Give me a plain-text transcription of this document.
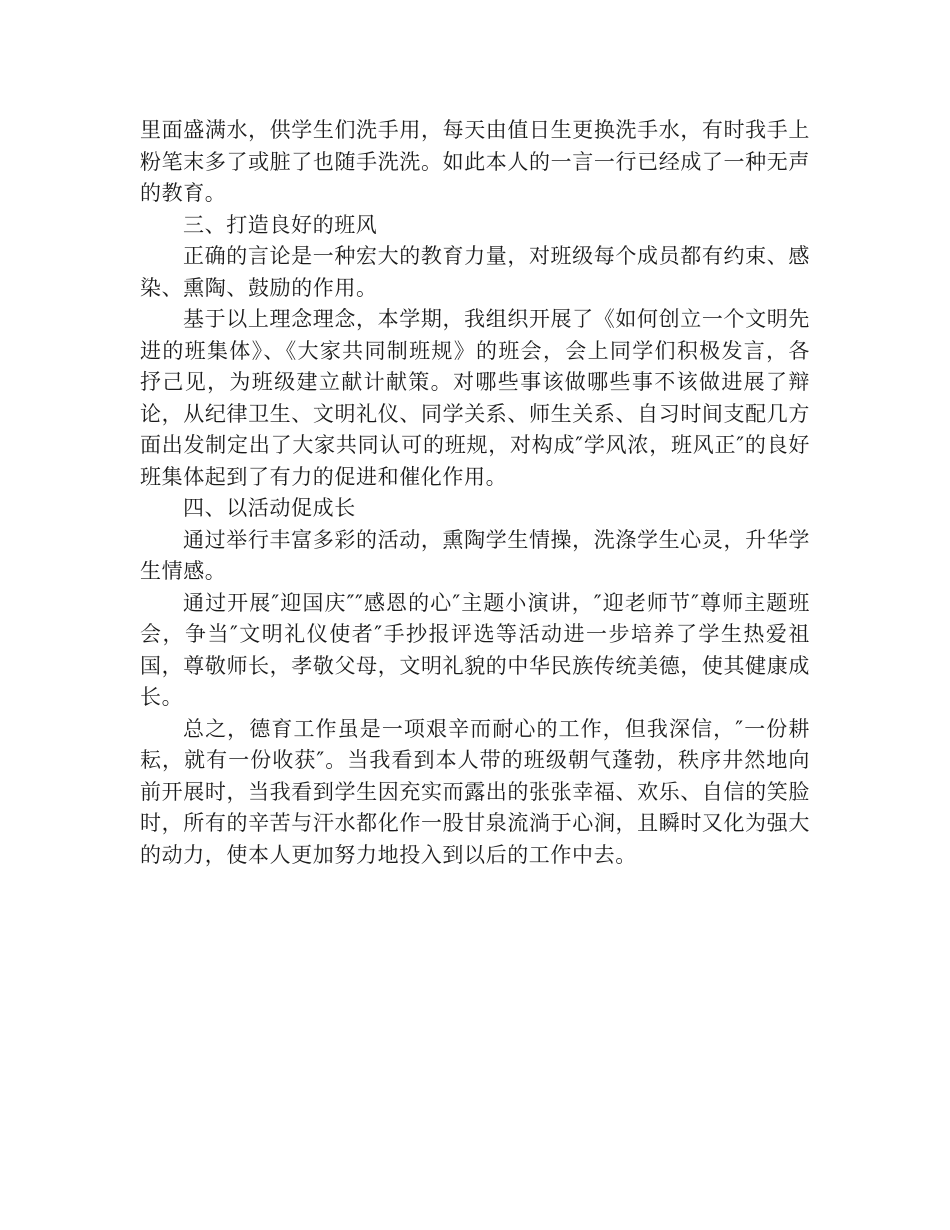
里面盛满水，供学生们洗手用，每天由值日生更换洗手水，有时我手上粉笔末多了或脏了也随手洗洗。如此本人的一言一行已经成了一种无声的教育。

三、打造良好的班风

正确的言论是一种宏大的教育力量，对班级每个成员都有约束、感染、熏陶、鼓励的作用。

基于以上理念理念，本学期，我组织开展了《如何创立一个文明先进的班集体》、《大家共同制班规》的班会，会上同学们积极发言，各抒己见，为班级建立献计献策。对哪些事该做哪些事不该做进展了辩论，从纪律卫生、文明礼仪、同学关系、师生关系、自习时间支配几方面出发制定出了大家共同认可的班规，对构成″学风浓，班风正″的良好班集体起到了有力的促进和催化作用。

四、以活动促成长

通过举行丰富多彩的活动，熏陶学生情操，洗涤学生心灵，升华学生情感。

通过开展″迎国庆″″感恩的心″主题小演讲，″迎老师节″尊师主题班会，争当″文明礼仪使者″手抄报评选等活动进一步培养了学生热爱祖国，尊敬师长，孝敬父母，文明礼貌的中华民族传统美德，使其健康成长。

总之，德育工作虽是一项艰辛而耐心的工作，但我深信，″一份耕耘，就有一份收获″。当我看到本人带的班级朝气蓬勃，秩序井然地向前开展时，当我看到学生因充实而露出的张张幸福、欢乐、自信的笑脸时，所有的辛苦与汗水都化作一股甘泉流淌于心涧，且瞬时又化为强大的动力，使本人更加努力地投入到以后的工作中去。
